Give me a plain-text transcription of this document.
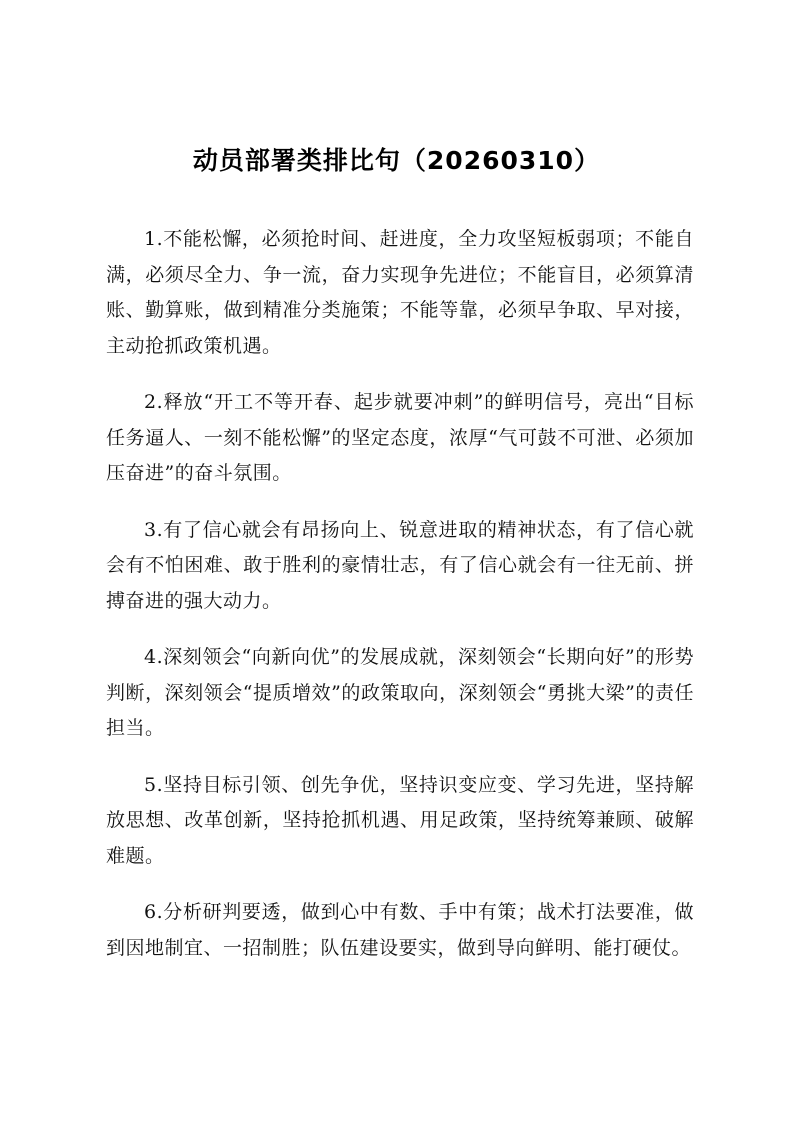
动员部署类排比句（20260310）

1.不能松懈，必须抢时间、赶进度，全力攻坚短板弱项；不能自满，必须尽全力、争一流，奋力实现争先进位；不能盲目，必须算清账、勤算账，做到精准分类施策；不能等靠，必须早争取、早对接，主动抢抓政策机遇。

2.释放“开工不等开春、起步就要冲刺”的鲜明信号，亮出“目标任务逼人、一刻不能松懈”的坚定态度，浓厚“气可鼓不可泄、必须加压奋进”的奋斗氛围。

3.有了信心就会有昂扬向上、锐意进取的精神状态，有了信心就会有不怕困难、敢于胜利的豪情壮志，有了信心就会有一往无前、拼搏奋进的强大动力。

4.深刻领会“向新向优”的发展成就，深刻领会“长期向好”的形势判断，深刻领会“提质增效”的政策取向，深刻领会“勇挑大梁”的责任担当。

5.坚持目标引领、创先争优，坚持识变应变、学习先进，坚持解放思想、改革创新，坚持抢抓机遇、用足政策，坚持统筹兼顾、破解难题。

6.分析研判要透，做到心中有数、手中有策；战术打法要准，做到因地制宜、一招制胜；队伍建设要实，做到导向鲜明、能打硬仗。
